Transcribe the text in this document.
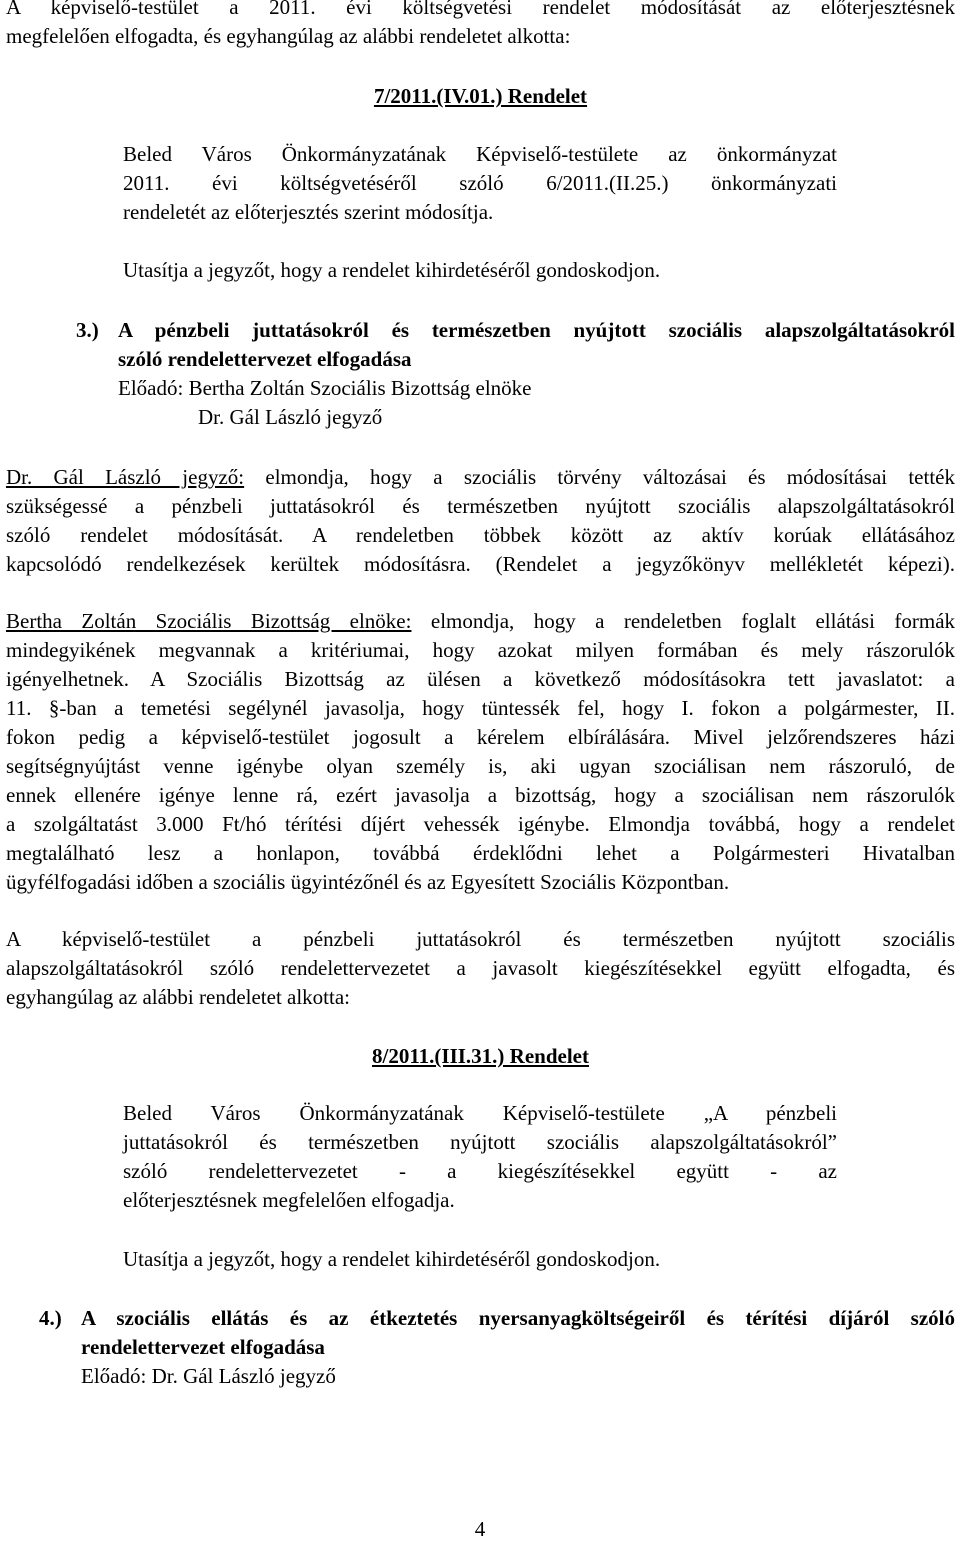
A képviselő-testület a 2011. évi költségvetési rendelet módosítását az előterjesztésnek

megfelelően elfogadta, és egyhangúlag az alábbi rendeletet alkotta:

7/2011.(IV.01.) Rendelet

Beled Város Önkormányzatának Képviselő-testülete az önkormányzat

2011. évi költségvetéséről szóló 6/2011.(II.25.) önkormányzati

rendeletét az előterjesztés szerint módosítja.

Utasítja a jegyzőt, hogy a rendelet kihirdetéséről gondoskodjon.

3.) A pénzbeli juttatásokról és természetben nyújtott szociális alapszolgáltatásokról

szóló rendelettervezet elfogadása

Előadó: Bertha Zoltán Szociális Bizottság elnöke

Dr. Gál László jegyző

Dr. Gál László jegyző: elmondja, hogy a szociális törvény változásai és módosításai tették

szükségessé a pénzbeli juttatásokról és természetben nyújtott szociális alapszolgáltatásokról

szóló rendelet módosítását. A rendeletben többek között az aktív korúak ellátásához

kapcsolódó rendelkezések kerültek módosításra. (Rendelet a jegyzőkönyv mellékletét képezi).

Bertha Zoltán Szociális Bizottság elnöke: elmondja, hogy a rendeletben foglalt ellátási formák

mindegyikének megvannak a kritériumai, hogy azokat milyen formában és mely rászorulók

igényelhetnek. A Szociális Bizottság az ülésen a következő módosításokra tett javaslatot: a

11. §-ban a temetési segélynél javasolja, hogy tüntessék fel, hogy I. fokon a polgármester, II.

fokon pedig a képviselő-testület jogosult a kérelem elbírálására. Mivel jelzőrendszeres házi

segítségnyújtást venne igénybe olyan személy is, aki ugyan szociálisan nem rászoruló, de

ennek ellenére igénye lenne rá, ezért javasolja a bizottság, hogy a szociálisan nem rászorulók

a szolgáltatást 3.000 Ft/hó térítési díjért vehessék igénybe. Elmondja továbbá, hogy a rendelet

megtalálható lesz a honlapon, továbbá érdeklődni lehet a Polgármesteri Hivatalban

ügyfélfogadási időben a szociális ügyintézőnél és az Egyesített Szociális Központban.

A képviselő-testület a pénzbeli juttatásokról és természetben nyújtott szociális

alapszolgáltatásokról szóló rendelettervezetet a javasolt kiegészítésekkel együtt elfogadta, és

egyhangúlag az alábbi rendeletet alkotta:

8/2011.(III.31.) Rendelet

Beled Város Önkormányzatának Képviselő-testülete „A pénzbeli

juttatásokról és természetben nyújtott szociális alapszolgáltatásokról”

szóló rendelettervezetet - a kiegészítésekkel együtt - az

előterjesztésnek megfelelően elfogadja.

Utasítja a jegyzőt, hogy a rendelet kihirdetéséről gondoskodjon.

4.) A szociális ellátás és az étkeztetés nyersanyagköltségeiről és térítési díjáról szóló

rendelettervezet elfogadása

Előadó: Dr. Gál László jegyző

4
